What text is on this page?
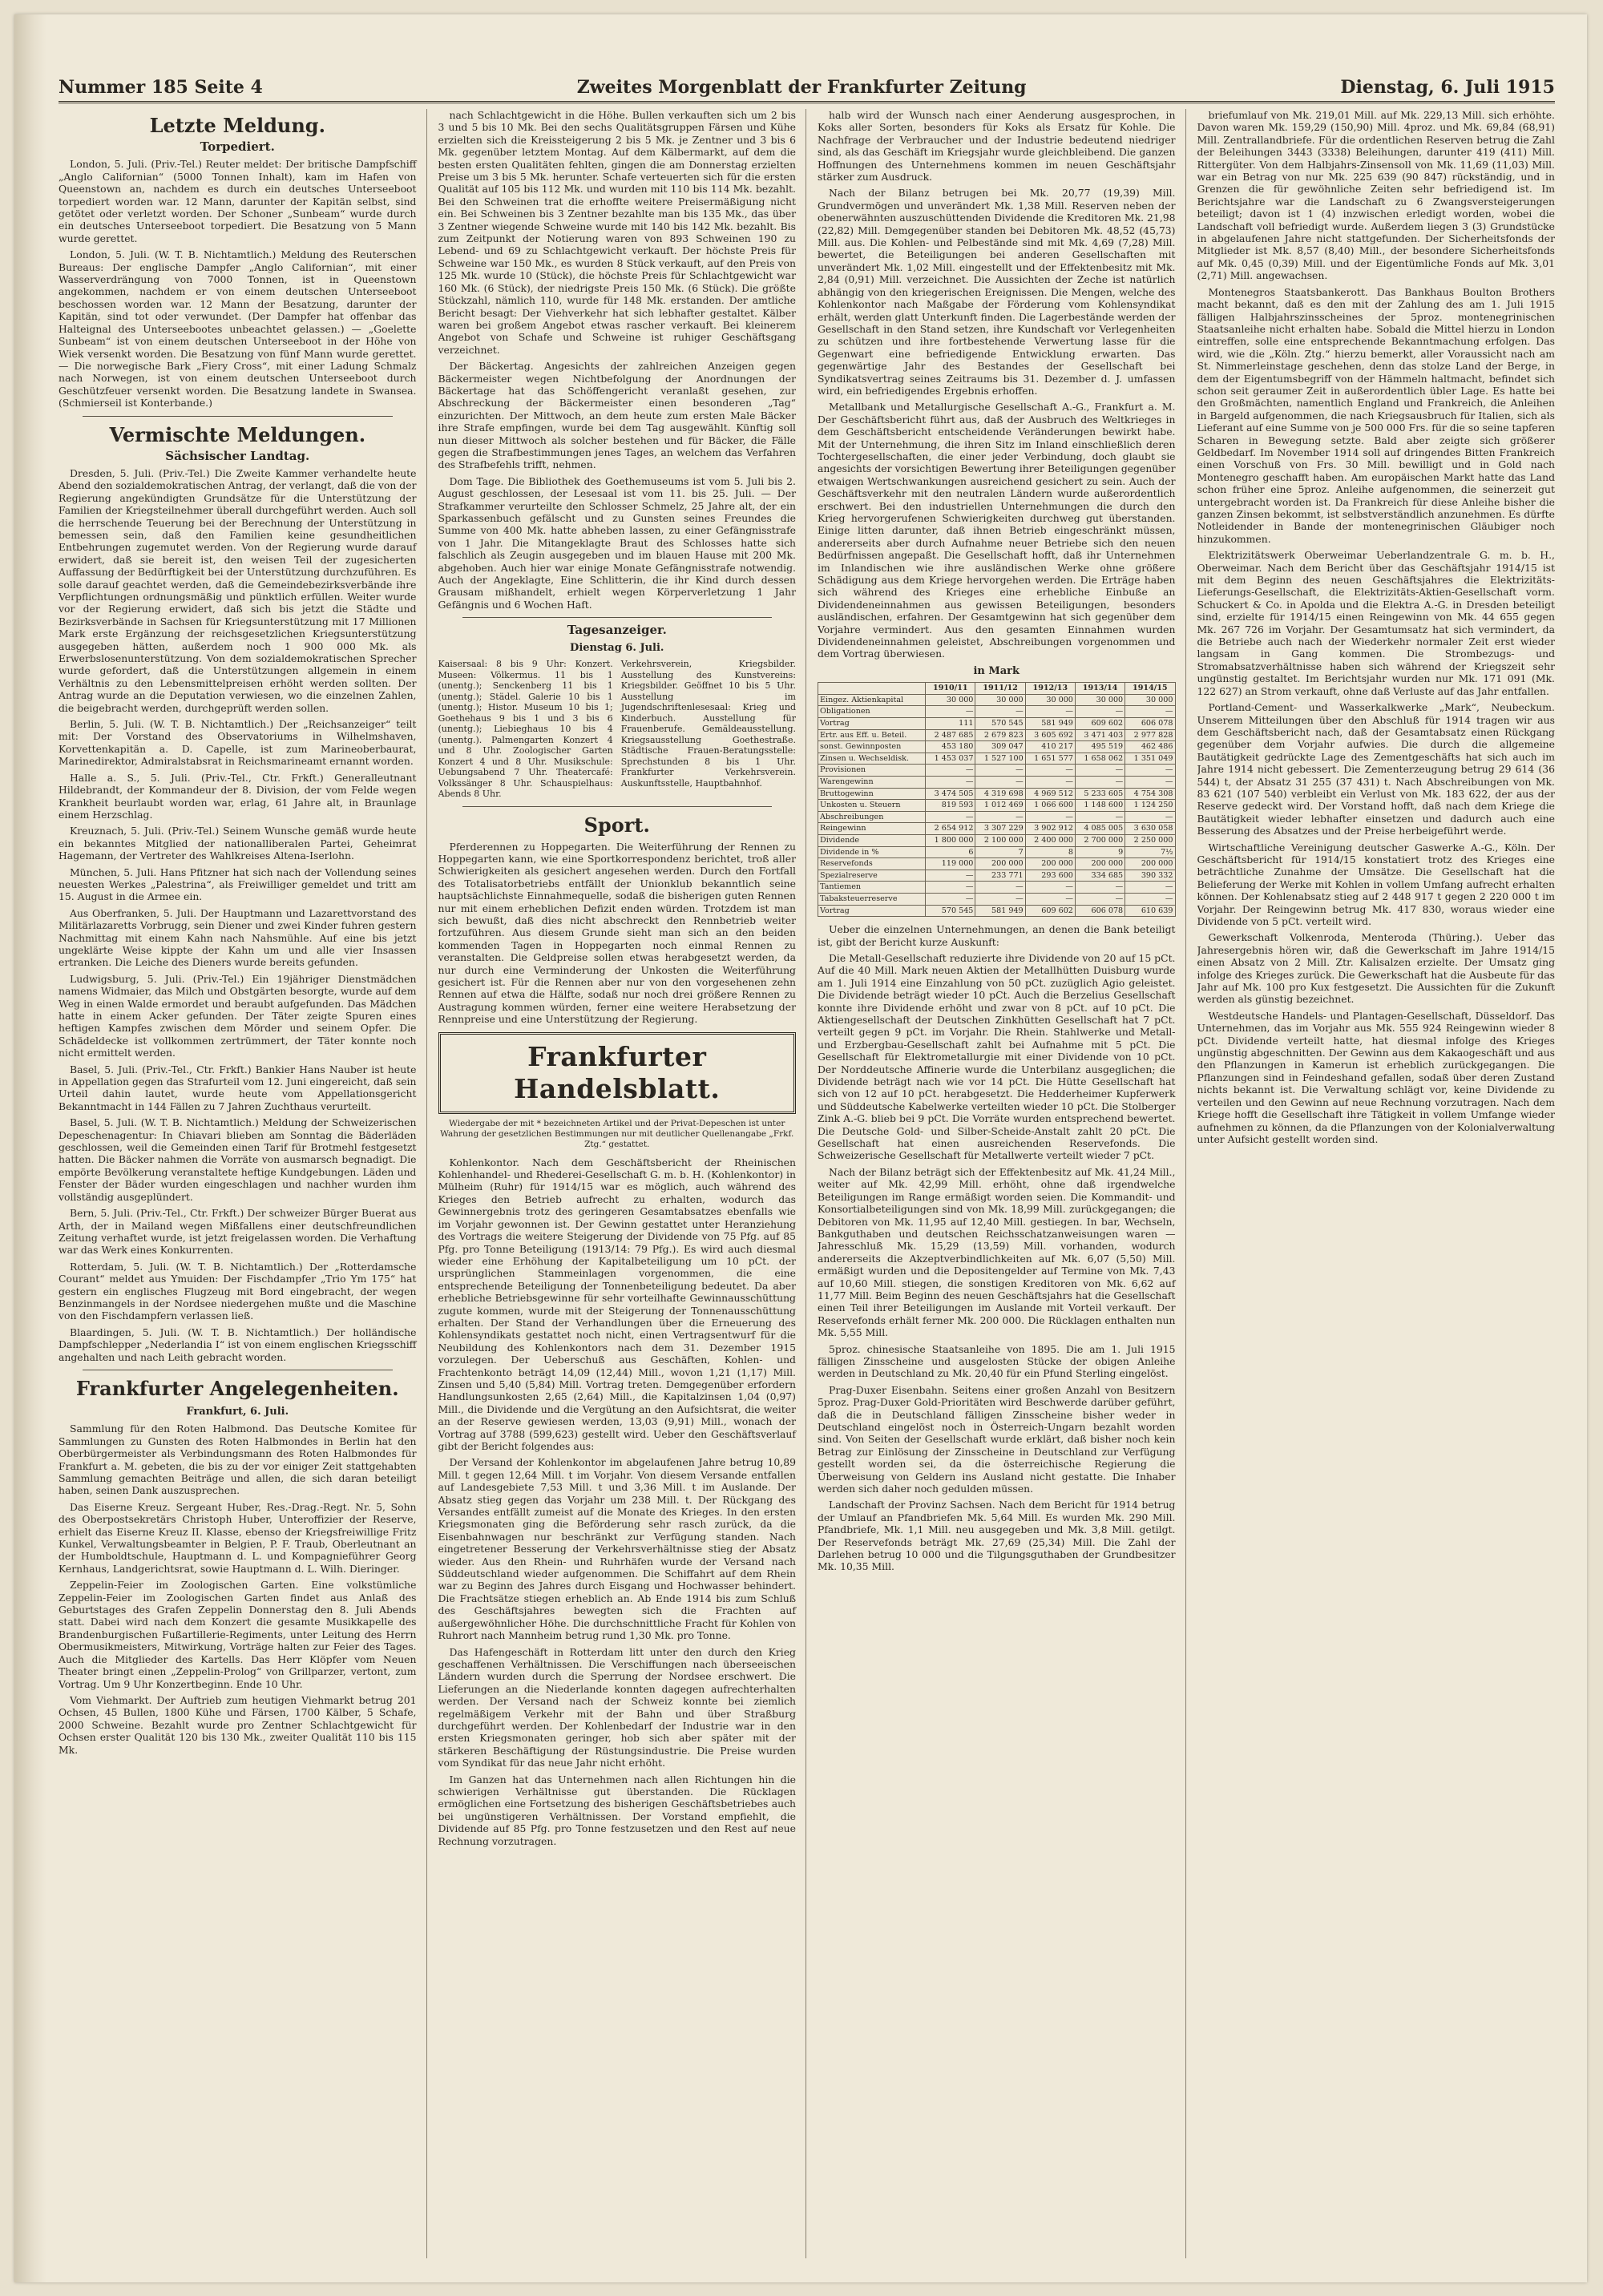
Nummer 185 Seite 4	Zweites Morgenblatt der Frankfurter Zeitung	Dienstag, 6. Juli 1915
Letzte Meldung.
Torpediert.

London, 5. Juli. (Priv.-Tel.) Reuter meldet: Der britische Dampfschiff „Anglo Californian“ (5000 Tonnen Inhalt), kam im Hafen von Queenstown an, nachdem es durch ein deutsches Unterseeboot torpediert worden war. 12 Mann, darunter der Kapitän selbst, sind getötet oder verletzt worden. Der Schoner „Sunbeam“ wurde durch ein deutsches Unterseeboot torpediert. Die Besatzung von 5 Mann wurde gerettet.

London, 5. Juli. (W. T. B. Nichtamtlich.) Meldung des Reuterschen Bureaus: Der englische Dampfer „Anglo Californian“, mit einer Wasserverdrängung von 7000 Tonnen, ist in Queenstown angekommen, nachdem er von einem deutschen Unterseeboot beschossen worden war. 12 Mann der Besatzung, darunter der Kapitän, sind tot oder verwundet. (Der Dampfer hat offenbar das Halteignal des Unterseebootes unbeachtet gelassen.) — „Goelette Sunbeam“ ist von einem deutschen Unterseeboot in der Höhe von Wiek versenkt worden. Die Besatzung von fünf Mann wurde gerettet. — Die norwegische Bark „Fiery Cross“, mit einer Ladung Schmalz nach Norwegen, ist von einem deutschen Unterseeboot durch Geschützfeuer versenkt worden. Die Besatzung landete in Swansea. (Schmierseil ist Konterbande.)

Vermischte Meldungen.
Sächsischer Landtag.

Dresden, 5. Juli. (Priv.-Tel.) Die Zweite Kammer verhandelte heute Abend den sozialdemokratischen Antrag, der verlangt, daß die von der Regierung angekündigten Grundsätze für die Unterstützung der Familien der Kriegsteilnehmer überall durchgeführt werden. Auch soll die herrschende Teuerung bei der Berechnung der Unterstützung in bemessen sein, daß den Familien keine gesundheitlichen Entbehrungen zugemutet werden. Von der Regierung wurde darauf erwidert, daß sie bereit ist, den weisen Teil der zugesicherten Auffassung der Bedürftigkeit bei der Unterstützung durchzuführen. Es solle darauf geachtet werden, daß die Gemeindebezirksverbände ihre Verpflichtungen ordnungsmäßig und pünktlich erfüllen. Weiter wurde vor der Regierung erwidert, daß sich bis jetzt die Städte und Bezirksverbände in Sachsen für Kriegsunterstützung mit 17 Millionen Mark erste Ergänzung der reichsgesetzlichen Kriegsunterstützung ausgegeben hätten, außerdem noch 1 900 000 Mk. als Erwerbslosenunterstützung. Von dem sozialdemokratischen Sprecher wurde gefordert, daß die Unterstützungen allgemein in einem Verhältnis zu den Lebensmittelpreisen erhöht werden sollten. Der Antrag wurde an die Deputation verwiesen, wo die einzelnen Zahlen, die beigebracht werden, durchgeprüft werden sollen.

Berlin, 5. Juli. (W. T. B. Nichtamtlich.) Der „Reichsanzeiger“ teilt mit: Der Vorstand des Observatoriums in Wilhelmshaven, Korvettenkapitän a. D. Capelle, ist zum Marineoberbaurat, Marinedirektor, Admiralstabsrat in Reichsmarineamt ernannt worden.

Halle a. S., 5. Juli. (Priv.-Tel., Ctr. Frkft.) Generalleutnant Hildebrandt, der Kommandeur der 8. Division, der vom Felde wegen Krankheit beurlaubt worden war, erlag, 61 Jahre alt, in Braunlage einem Herzschlag.

Kreuznach, 5. Juli. (Priv.-Tel.) Seinem Wunsche gemäß wurde heute ein bekanntes Mitglied der nationalliberalen Partei, Geheimrat Hagemann, der Vertreter des Wahlkreises Altena-Iserlohn.

München, 5. Juli. Hans Pfitzner hat sich nach der Vollendung seines neuesten Werkes „Palestrina“, als Freiwilliger gemeldet und tritt am 15. August in die Armee ein.

Aus Oberfranken, 5. Juli. Der Hauptmann und Lazarettvorstand des Militärlazaretts Vorbrugg, sein Diener und zwei Kinder fuhren gestern Nachmittag mit einem Kahn nach Nahsmühle. Auf eine bis jetzt ungeklärte Weise kippte der Kahn um und alle vier Insassen ertranken. Die Leiche des Dieners wurde bereits gefunden.

Ludwigsburg, 5. Juli. (Priv.-Tel.) Ein 19jähriger Dienstmädchen namens Widmaier, das Milch und Obstgärten besorgte, wurde auf dem Weg in einen Walde ermordet und beraubt aufgefunden. Das Mädchen hatte in einem Acker gefunden. Der Täter zeigte Spuren eines heftigen Kampfes zwischen dem Mörder und seinem Opfer. Die Schädeldecke ist vollkommen zertrümmert, der Täter konnte noch nicht ermittelt werden.

Basel, 5. Juli. (Priv.-Tel., Ctr. Frkft.) Bankier Hans Nauber ist heute in Appellation gegen das Strafurteil vom 12. Juni eingereicht, daß sein Urteil dahin lautet, wurde heute vom Appellationsgericht Bekanntmacht in 144 Fällen zu 7 Jahren Zuchthaus verurteilt.

Basel, 5. Juli. (W. T. B. Nichtamtlich.) Meldung der Schweizerischen Depeschenagentur: In Chiavari blieben am Sonntag die Bäderläden geschlossen, weil die Gemeinden einen Tarif für Brotmehl festgesetzt hatten. Die Bäcker nahmen die Vorräte von ausmarsch begnadigt. Die empörte Bevölkerung veranstaltete heftige Kundgebungen. Läden und Fenster der Bäder wurden eingeschlagen und nachher wurden ihm vollständig ausgeplündert.

Bern, 5. Juli. (Priv.-Tel., Ctr. Frkft.) Der schweizer Bürger Buerat aus Arth, der in Mailand wegen Mißfallens einer deutschfreundlichen Zeitung verhaftet wurde, ist jetzt freigelassen worden. Die Verhaftung war das Werk eines Konkurrenten.

Rotterdam, 5. Juli. (W. T. B. Nichtamtlich.) Der „Rotterdamsche Courant“ meldet aus Ymuiden: Der Fischdampfer „Trio Ym 175“ hat gestern ein englisches Flugzeug mit Bord eingebracht, der wegen Benzinmangels in der Nordsee niedergehen mußte und die Maschine von den Fischdampfern verlassen ließ.

Blaardingen, 5. Juli. (W. T. B. Nichtamtlich.) Der holländische Dampfschlepper „Nederlandia I“ ist von einem englischen Kriegsschiff angehalten und nach Leith gebracht worden.

Frankfurter Angelegenheiten.
Frankfurt, 6. Juli.

Sammlung für den Roten Halbmond. Das Deutsche Komitee für Sammlungen zu Gunsten des Roten Halbmondes in Berlin hat den Oberbürgermeister als Verbindungsmann des Roten Halbmondes für Frankfurt a. M. gebeten, die bis zu der vor einiger Zeit stattgehabten Sammlung gemachten Beiträge und allen, die sich daran beteiligt haben, seinen Dank auszusprechen.

Das Eiserne Kreuz. Sergeant Huber, Res.-Drag.-Regt. Nr. 5, Sohn des Oberpostsekretärs Christoph Huber, Unteroffizier der Reserve, erhielt das Eiserne Kreuz II. Klasse, ebenso der Kriegsfreiwillige Fritz Kunkel, Verwaltungsbeamter in Belgien, P. F. Traub, Oberleutnant an der Humboldtschule, Hauptmann d. L. und Kompagnieführer Georg Kernhaus, Landgerichtsrat, sowie Hauptmann d. L. Wilh. Dieringer.

Zeppelin-Feier im Zoologischen Garten. Eine volkstümliche Zeppelin-Feier im Zoologischen Garten findet aus Anlaß des Geburtstages des Grafen Zeppelin Donnerstag den 8. Juli Abends statt. Dabei wird nach dem Konzert die gesamte Musikkapelle des Brandenburgischen Fußartillerie-Regiments, unter Leitung des Herrn Obermusikmeisters, Mitwirkung, Vorträge halten zur Feier des Tages. Auch die Mitglieder des Kartells. Das Herr Klöpfer vom Neuen Theater bringt einen „Zeppelin-Prolog“ von Grillparzer, vertont, zum Vortrag. Um 9 Uhr Konzertbeginn. Ende 10 Uhr.

Vom Viehmarkt. Der Auftrieb zum heutigen Viehmarkt betrug 201 Ochsen, 45 Bullen, 1800 Kühe und Färsen, 1700 Kälber, 5 Schafe, 2000 Schweine. Bezahlt wurde pro Zentner Schlachtgewicht für Ochsen erster Qualität 120 bis 130 Mk., zweiter Qualität 110 bis 115 Mk.

nach Schlachtgewicht in die Höhe. Bullen verkauften sich um 2 bis 3 und 5 bis 10 Mk. Bei den sechs Qualitätsgruppen Färsen und Kühe erzielten sich die Kreissteigerung 2 bis 5 Mk. je Zentner und 3 bis 6 Mk. gegenüber letztem Montag. Auf dem Kälbermarkt, auf dem die besten ersten Qualitäten fehlten, gingen die am Donnerstag erzielten Preise um 3 bis 5 Mk. herunter. Schafe verteuerten sich für die ersten Qualität auf 105 bis 112 Mk. und wurden mit 110 bis 114 Mk. bezahlt. Bei den Schweinen trat die erhoffte weitere Preisermäßigung nicht ein. Bei Schweinen bis 3 Zentner bezahlte man bis 135 Mk., das über 3 Zentner wiegende Schweine wurde mit 140 bis 142 Mk. bezahlt. Bis zum Zeitpunkt der Notierung waren von 893 Schweinen 190 zu Lebend- und 69 zu Schlachtgewicht verkauft. Der höchste Preis für Schweine war 150 Mk., es wurden 8 Stück verkauft, auf den Preis von 125 Mk. wurde 10 (Stück), die höchste Preis für Schlachtgewicht war 160 Mk. (6 Stück), der niedrigste Preis 150 Mk. (6 Stück). Die größte Stückzahl, nämlich 110, wurde für 148 Mk. erstanden. Der amtliche Bericht besagt: Der Viehverkehr hat sich lebhafter gestaltet. Kälber waren bei großem Angebot etwas rascher verkauft. Bei kleinerem Angebot von Schafe und Schweine ist ruhiger Geschäftsgang verzeichnet.

Der Bäckertag. Angesichts der zahlreichen Anzeigen gegen Bäckermeister wegen Nichtbefolgung der Anordnungen der Bäckertage hat das Schöffengericht veranlaßt gesehen, zur Abschreckung der Bäckermeister einen besonderen „Tag“ einzurichten. Der Mittwoch, an dem heute zum ersten Male Bäcker ihre Strafe empfingen, wurde bei dem Tag ausgewählt. Künftig soll nun dieser Mittwoch als solcher bestehen und für Bäcker, die Fälle gegen die Strafbestimmungen jenes Tages, an welchem das Verfahren des Strafbefehls trifft, nehmen.

Dom Tage. Die Bibliothek des Goethemuseums ist vom 5. Juli bis 2. August geschlossen, der Lesesaal ist vom 11. bis 25. Juli. — Der Strafkammer verurteilte den Schlosser Schmelz, 25 Jahre alt, der ein Sparkassenbuch gefälscht und zu Gunsten seines Freundes die Summe von 400 Mk. hatte abheben lassen, zu einer Gefängnisstrafe von 1 Jahr. Die Mitangeklagte Braut des Schlosses hatte sich falschlich als Zeugin ausgegeben und im blauen Hause mit 200 Mk. abgehoben. Auch hier war einige Monate Gefängnisstrafe notwendig. Auch der Angeklagte, Eine Schlitterin, die ihr Kind durch dessen Grausam mißhandelt, erhielt wegen Körperverletzung 1 Jahr Gefängnis und 6 Wochen Haft.

Tagesanzeiger.
Dienstag 6. Juli.
Kaisersaal: 8 bis 9 Uhr: Konzert. Museen: Völkermus. 11 bis 1 (unentg.); Senckenberg 11 bis 1 (unentg.); Städel. Galerie 10 bis 1 (unentg.); Histor. Museum 10 bis 1; Goethehaus 9 bis 1 und 3 bis 6 (unentg.); Liebieghaus 10 bis 4 (unentg.). Palmengarten Konzert 4 und 8 Uhr. Zoologischer Garten Konzert 4 und 8 Uhr. Musikschule: Uebungsabend 7 Uhr. Theatercafé: Volkssänger 8 Uhr. Schauspielhaus: Abends 8 Uhr.
Verkehrsverein, Kriegsbilder. Ausstellung des Kunstvereins: Kriegsbilder. Geöffnet 10 bis 5 Uhr. Ausstellung im Jugendschriftenlesesaal: Krieg und Kinderbuch. Ausstellung für Frauenberufe. Gemäldeausstellung. Kriegsausstellung Goethestraße. Städtische Frauen-Beratungsstelle: Sprechstunden 8 bis 1 Uhr. Frankfurter Verkehrsverein. Auskunftsstelle, Hauptbahnhof.
Sport.

Pferderennen zu Hoppegarten. Die Weiterführung der Rennen zu Hoppegarten kann, wie eine Sportkorrespondenz berichtet, troß aller Schwierigkeiten als gesichert angesehen werden. Durch den Fortfall des Totalisatorbetriebs entfällt der Unionklub bekanntlich seine hauptsächlichste Einnahmequelle, sodaß die bisherigen guten Rennen nur mit einem erheblichen Defizit enden würden. Trotzdem ist man sich bewußt, daß dies nicht abschreckt den Rennbetrieb weiter fortzuführen. Aus diesem Grunde sieht man sich an den beiden kommenden Tagen in Hoppegarten noch einmal Rennen zu veranstalten. Die Geldpreise sollen etwas herabgesetzt werden, da nur durch eine Verminderung der Unkosten die Weiterführung gesichert ist. Für die Rennen aber nur von den vorgesehenen zehn Rennen auf etwa die Hälfte, sodaß nur noch drei größere Rennen zu Austragung kommen würden, ferner eine weitere Herabsetzung der Rennpreise und eine Unterstützung der Regierung.

Frankfurter Handelsblatt.
Wiedergabe der mit * bezeichneten Artikel und der Privat-Depeschen ist unter Wahrung der gesetzlichen Bestimmungen nur mit deutlicher Quellenangabe „Frkf. Ztg.“ gestattet.

Kohlenkontor. Nach dem Geschäftsbericht der Rheinischen Kohlenhandel- und Rhederei-Gesellschaft G. m. b. H. (Kohlenkontor) in Mülheim (Ruhr) für 1914/15 war es möglich, auch während des Krieges den Betrieb aufrecht zu erhalten, wodurch das Gewinnergebnis trotz des geringeren Gesamtabsatzes ebenfalls wie im Vorjahr gewonnen ist. Der Gewinn gestattet unter Heranziehung des Vortrags die weitere Steigerung der Dividende von 75 Pfg. auf 85 Pfg. pro Tonne Beteiligung (1913/14: 79 Pfg.). Es wird auch diesmal wieder eine Erhöhung der Kapitalbeteiligung um 10 pCt. der ursprünglichen Stammeinlagen vorgenommen, die eine entsprechende Beteiligung der Tonnenbeteiligung bedeutet. Da aber erhebliche Betriebsgewinne für sehr vorteilhafte Gewinnausschüttung zugute kommen, wurde mit der Steigerung der Tonnenausschüttung erhalten. Der Stand der Verhandlungen über die Erneuerung des Kohlensyndikats gestattet noch nicht, einen Vertragsentwurf für die Neubildung des Kohlenkontors nach dem 31. Dezember 1915 vorzulegen. Der Ueberschuß aus Geschäften, Kohlen- und Frachtenkonto beträgt 14,09 (12,44) Mill., wovon 1,21 (1,17) Mill. Zinsen und 5,40 (5,84) Mill. Vortrag treten. Demgegenüber erfordern Handlungsunkosten 2,65 (2,64) Mill., die Kapitalzinsen 1,04 (0,97) Mill., die Dividende und die Vergütung an den Aufsichtsrat, die weiter an der Reserve gewiesen werden, 13,03 (9,91) Mill., wonach der Vortrag auf 3788 (599,623) gestellt wird. Ueber den Geschäftsverlauf gibt der Bericht folgendes aus:

Der Versand der Kohlenkontor im abgelaufenen Jahre betrug 10,89 Mill. t gegen 12,64 Mill. t im Vorjahr. Von diesem Versande entfallen auf Landesgebiete 7,53 Mill. t und 3,36 Mill. t im Auslande. Der Absatz stieg gegen das Vorjahr um 238 Mill. t. Der Rückgang des Versandes entfällt zumeist auf die Monate des Krieges. In den ersten Kriegsmonaten ging die Beförderung sehr rasch zurück, da die Eisenbahnwagen nur beschränkt zur Verfügung standen. Nach eingetretener Besserung der Verkehrsverhältnisse stieg der Absatz wieder. Aus den Rhein- und Ruhrhäfen wurde der Versand nach Süddeutschland wieder aufgenommen. Die Schiffahrt auf dem Rhein war zu Beginn des Jahres durch Eisgang und Hochwasser behindert. Die Frachtsätze stiegen erheblich an. Ab Ende 1914 bis zum Schluß des Geschäftsjahres bewegten sich die Frachten auf außergewöhnlicher Höhe. Die durchschnittliche Fracht für Kohlen von Ruhrort nach Mannheim betrug rund 1,30 Mk. pro Tonne.

Das Hafengeschäft in Rotterdam litt unter den durch den Krieg geschaffenen Verhältnissen. Die Verschiffungen nach überseeischen Ländern wurden durch die Sperrung der Nordsee erschwert. Die Lieferungen an die Niederlande konnten dagegen aufrechterhalten werden. Der Versand nach der Schweiz konnte bei ziemlich regelmäßigem Verkehr mit der Bahn und über Straßburg durchgeführt werden. Der Kohlenbedarf der Industrie war in den ersten Kriegsmonaten geringer, hob sich aber später mit der stärkeren Beschäftigung der Rüstungsindustrie. Die Preise wurden vom Syndikat für das neue Jahr nicht erhöht.

Im Ganzen hat das Unternehmen nach allen Richtungen hin die schwierigen Verhältnisse gut überstanden. Die Rücklagen ermöglichen eine Fortsetzung des bisherigen Geschäftsbetriebes auch bei ungünstigeren Verhältnissen. Der Vorstand empfiehlt, die Dividende auf 85 Pfg. pro Tonne festzusetzen und den Rest auf neue Rechnung vorzutragen.

halb wird der Wunsch nach einer Aenderung ausgesprochen, in Koks aller Sorten, besonders für Koks als Ersatz für Kohle. Die Nachfrage der Verbraucher und der Industrie bedeutend niedriger sind, als das Geschäft im Kriegsjahr wurde gleichbleibend. Die ganzen Hoffnungen des Unternehmens kommen im neuen Geschäftsjahr stärker zum Ausdruck.

Nach der Bilanz betrugen bei Mk. 20,77 (19,39) Mill. Grundvermögen und unverändert Mk. 1,38 Mill. Reserven neben der obenerwähnten auszuschüttenden Dividende die Kreditoren Mk. 21,98 (22,82) Mill. Demgegenüber standen bei Debitoren Mk. 48,52 (45,73) Mill. aus. Die Kohlen- und Pelbestände sind mit Mk. 4,69 (7,28) Mill. bewertet, die Beteiligungen bei anderen Gesellschaften mit unverändert Mk. 1,02 Mill. eingestellt und der Effektenbesitz mit Mk. 2,84 (0,91) Mill. verzeichnet. Die Aussichten der Zeche ist natürlich abhängig von den kriegerischen Ereignissen. Die Mengen, welche des Kohlenkontor nach Maßgabe der Förderung vom Kohlensyndikat erhält, werden glatt Unterkunft finden. Die Lagerbestände werden der Gesellschaft in den Stand setzen, ihre Kundschaft vor Verlegenheiten zu schützen und ihre fortbestehende Verwertung lasse für die Gegenwart eine befriedigende Entwicklung erwarten. Das gegenwärtige Jahr des Bestandes der Gesellschaft bei Syndikatsvertrag seines Zeitraums bis 31. Dezember d. J. umfassen wird, ein befriedigendes Ergebnis erhoffen.

Metallbank und Metallurgische Gesellschaft A.-G., Frankfurt a. M. Der Geschäftsbericht führt aus, daß der Ausbruch des Weltkrieges in dem Geschäftsbericht entscheidende Veränderungen bewirkt habe. Mit der Unternehmung, die ihren Sitz im Inland einschließlich deren Tochtergesellschaften, die einer jeder Verbindung, doch glaubt sie angesichts der vorsichtigen Bewertung ihrer Beteiligungen gegenüber etwaigen Wertschwankungen ausreichend gesichert zu sein. Auch der Geschäftsverkehr mit den neutralen Ländern wurde außerordentlich erschwert. Bei den industriellen Unternehmungen die durch den Krieg hervorgerufenen Schwierigkeiten durchweg gut überstanden. Einige litten darunter, daß ihnen Betrieb eingeschränkt müssen, andererseits aber durch Aufnahme neuer Betriebe sich den neuen Bedürfnissen angepaßt. Die Gesellschaft hofft, daß ihr Unternehmen im Inlandischen wie ihre ausländischen Werke ohne größere Schädigung aus dem Kriege hervorgehen werden. Die Erträge haben sich während des Krieges eine erhebliche Einbuße an Dividendeneinnahmen aus gewissen Beteiligungen, besonders ausländischen, erfahren. Der Gesamtgewinn hat sich gegenüber dem Vorjahre vermindert. Aus den gesamten Einnahmen wurden Dividendeneinnahmen geleistet, Abschreibungen vorgenommen und dem Vortrag überwiesen.

in Mark
	1910/11	1911/12	1912/13	1913/14	1914/15
Eingez. Aktienkapital	30 000	30 000	30 000	30 000	30 000
Obligationen	—	—	—	—	—
Vortrag	111	570 545	581 949	609 602	606 078
Ertr. aus Eff. u. Beteil.	2 487 685	2 679 823	3 605 692	3 471 403	2 977 828
sonst. Gewinnposten	453 180	309 047	410 217	495 519	462 486
Zinsen u. Wechseldisk.	1 453 037	1 527 100	1 651 577	1 658 062	1 351 049
Provisionen	—	—	—	—	—
Warengewinn	—	—	—	—	—
Bruttogewinn	3 474 505	4 319 698	4 969 512	5 233 605	4 754 308
Unkosten u. Steuern	819 593	1 012 469	1 066 600	1 148 600	1 124 250
Abschreibungen	—	—	—	—	—
Reingewinn	2 654 912	3 307 229	3 902 912	4 085 005	3 630 058
Dividende	1 800 000	2 100 000	2 400 000	2 700 000	2 250 000
Dividende in %	6	7	8	9	7½
Reservefonds	119 000	200 000	200 000	200 000	200 000
Spezialreserve	—	233 771	293 600	334 685	390 332
Tantiemen	—	—	—	—	—
Tabaksteuerreserve	—	—	—	—	—
Vortrag	570 545	581 949	609 602	606 078	610 639

Ueber die einzelnen Unternehmungen, an denen die Bank beteiligt ist, gibt der Bericht kurze Auskunft:

Die Metall-Gesellschaft reduzierte ihre Dividende von 20 auf 15 pCt. Auf die 40 Mill. Mark neuen Aktien der Metallhütten Duisburg wurde am 1. Juli 1914 eine Einzahlung von 50 pCt. zuzüglich Agio geleistet. Die Dividende beträgt wieder 10 pCt. Auch die Berzelius Gesellschaft konnte ihre Dividende erhöht und zwar von 8 pCt. auf 10 pCt. Die Aktiengesellschaft der Deutschen Zinkhütten Gesellschaft hat 7 pCt. verteilt gegen 9 pCt. im Vorjahr. Die Rhein. Stahlwerke und Metall- und Erzbergbau-Gesellschaft zahlt bei Aufnahme mit 5 pCt. Die Gesellschaft für Elektrometallurgie mit einer Dividende von 10 pCt. Der Norddeutsche Affinerie wurde die Unterbilanz ausgeglichen; die Dividende beträgt nach wie vor 14 pCt. Die Hütte Gesellschaft hat sich von 12 auf 10 pCt. herabgesetzt. Die Hedderheimer Kupferwerk und Süddeutsche Kabelwerke verteilten wieder 10 pCt. Die Stolberger Zink A.-G. blieb bei 9 pCt. Die Vorräte wurden entsprechend bewertet. Die Deutsche Gold- und Silber-Scheide-Anstalt zahlt 20 pCt. Die Gesellschaft hat einen ausreichenden Reservefonds. Die Schweizerische Gesellschaft für Metallwerte verteilt wieder 7 pCt.

Nach der Bilanz beträgt sich der Effektenbesitz auf Mk. 41,24 Mill., weiter auf Mk. 42,99 Mill. erhöht, ohne daß irgendwelche Beteiligungen im Range ermäßigt worden seien. Die Kommandit- und Konsortialbeteiligungen sind von Mk. 18,99 Mill. zurückgegangen; die Debitoren von Mk. 11,95 auf 12,40 Mill. gestiegen. In bar, Wechseln, Bankguthaben und deutschen Reichsschatzanweisungen waren — Jahresschluß Mk. 15,29 (13,59) Mill. vorhanden, wodurch andererseits die Akzeptverbindlichkeiten auf Mk. 6,07 (5,50) Mill. ermäßigt wurden und die Depositengelder auf Termine von Mk. 7,43 auf 10,60 Mill. stiegen, die sonstigen Kreditoren von Mk. 6,62 auf 11,77 Mill. Beim Beginn des neuen Geschäftsjahrs hat die Gesellschaft einen Teil ihrer Beteiligungen im Auslande mit Vorteil verkauft. Der Reservefonds erhält ferner Mk. 200 000. Die Rücklagen enthalten nun Mk. 5,55 Mill.

5proz. chinesische Staatsanleihe von 1895. Die am 1. Juli 1915 fälligen Zinsscheine und ausgelosten Stücke der obigen Anleihe werden in Deutschland zu Mk. 20,40 für ein Pfund Sterling eingelöst.

Prag-Duxer Eisenbahn. Seitens einer großen Anzahl von Besitzern 5proz. Prag-Duxer Gold-Prioritäten wird Beschwerde darüber geführt, daß die in Deutschland fälligen Zinsscheine bisher weder in Deutschland eingelöst noch in Österreich-Ungarn bezahlt worden sind. Von Seiten der Gesellschaft wurde erklärt, daß bisher noch kein Betrag zur Einlösung der Zinsscheine in Deutschland zur Verfügung gestellt worden sei, da die österreichische Regierung die Überweisung von Geldern ins Ausland nicht gestatte. Die Inhaber werden sich daher noch gedulden müssen.

Landschaft der Provinz Sachsen. Nach dem Bericht für 1914 betrug der Umlauf an Pfandbriefen Mk. 5,64 Mill. Es wurden Mk. 290 Mill. Pfandbriefe, Mk. 1,1 Mill. neu ausgegeben und Mk. 3,8 Mill. getilgt. Der Reservefonds beträgt Mk. 27,69 (25,34) Mill. Die Zahl der Darlehen betrug 10 000 und die Tilgungsguthaben der Grundbesitzer Mk. 10,35 Mill.

briefumlauf von Mk. 219,01 Mill. auf Mk. 229,13 Mill. sich erhöhte. Davon waren Mk. 159,29 (150,90) Mill. 4proz. und Mk. 69,84 (68,91) Mill. Zentrallandbriefe. Für die ordentlichen Reserven betrug die Zahl der Beleihungen 3443 (3338) Beleihungen, darunter 419 (411) Mill. Rittergüter. Von dem Halbjahrs-Zinsensoll von Mk. 11,69 (11,03) Mill. war ein Betrag von nur Mk. 225 639 (90 847) rückständig, und in Grenzen die für gewöhnliche Zeiten sehr befriedigend ist. Im Berichtsjahre war die Landschaft zu 6 Zwangsversteigerungen beteiligt; davon ist 1 (4) inzwischen erledigt worden, wobei die Landschaft voll befriedigt wurde. Außerdem liegen 3 (3) Grundstücke in abgelaufenen Jahre nicht stattgefunden. Der Sicherheitsfonds der Mitglieder ist Mk. 8,57 (8,40) Mill., der besondere Sicherheitsfonds auf Mk. 0,45 (0,39) Mill. und der Eigentümliche Fonds auf Mk. 3,01 (2,71) Mill. angewachsen.

Montenegros Staatsbankerott. Das Bankhaus Boulton Brothers macht bekannt, daß es den mit der Zahlung des am 1. Juli 1915 fälligen Halbjahrszinsscheines der 5proz. montenegrinischen Staatsanleihe nicht erhalten habe. Sobald die Mittel hierzu in London eintreffen, solle eine entsprechende Bekanntmachung erfolgen. Das wird, wie die „Köln. Ztg.“ hierzu bemerkt, aller Voraussicht nach am St. Nimmerleinstage geschehen, denn das stolze Land der Berge, in dem der Eigentumsbegriff von der Hämmeln haltmacht, befindet sich schon seit geraumer Zeit in außerordentlich übler Lage. Es hatte bei den Großmächten, namentlich England und Frankreich, die Anleihen in Bargeld aufgenommen, die nach Kriegsausbruch für Italien, sich als Lieferant auf eine Summe von je 500 000 Frs. für die so seine tapferen Scharen in Bewegung setzte. Bald aber zeigte sich größerer Geldbedarf. Im November 1914 soll auf dringendes Bitten Frankreich einen Vorschuß von Frs. 30 Mill. bewilligt und in Gold nach Montenegro geschafft haben. Am europäischen Markt hatte das Land schon früher eine 5proz. Anleihe aufgenommen, die seinerzeit gut untergebracht worden ist. Da Frankreich für diese Anleihe bisher die ganzen Zinsen bekommt, ist selbstverständlich anzunehmen. Es dürfte Notleidender in Bande der montenegrinischen Gläubiger noch hinzukommen.

Elektrizitätswerk Oberweimar Ueberlandzentrale G. m. b. H., Oberweimar. Nach dem Bericht über das Geschäftsjahr 1914/15 ist mit dem Beginn des neuen Geschäftsjahres die Elektrizitäts-Lieferungs-Gesellschaft, die Elektrizitäts-Aktien-Gesellschaft vorm. Schuckert & Co. in Apolda und die Elektra A.-G. in Dresden beteiligt sind, erzielte für 1914/15 einen Reingewinn von Mk. 44 655 gegen Mk. 267 726 im Vorjahr. Der Gesamtumsatz hat sich vermindert, da die Betriebe auch nach der Wiederkehr normaler Zeit erst wieder langsam in Gang kommen. Die Strombezugs- und Stromabsatzverhältnisse haben sich während der Kriegszeit sehr ungünstig gestaltet. Im Berichtsjahr wurden nur Mk. 171 091 (Mk. 122 627) an Strom verkauft, ohne daß Verluste auf das Jahr entfallen.

Portland-Cement- und Wasserkalkwerke „Mark“, Neubeckum. Unserem Mitteilungen über den Abschluß für 1914 tragen wir aus dem Geschäftsbericht nach, daß der Gesamtabsatz einen Rückgang gegenüber dem Vorjahr aufwies. Die durch die allgemeine Bautätigkeit gedrückte Lage des Zementgeschäfts hat sich auch im Jahre 1914 nicht gebessert. Die Zementerzeugung betrug 29 614 (36 544) t, der Absatz 31 255 (37 431) t. Nach Abschreibungen von Mk. 83 621 (107 540) verbleibt ein Verlust von Mk. 183 622, der aus der Reserve gedeckt wird. Der Vorstand hofft, daß nach dem Kriege die Bautätigkeit wieder lebhafter einsetzen und dadurch auch eine Besserung des Absatzes und der Preise herbeigeführt werde.

Wirtschaftliche Vereinigung deutscher Gaswerke A.-G., Köln. Der Geschäftsbericht für 1914/15 konstatiert trotz des Krieges eine beträchtliche Zunahme der Umsätze. Die Gesellschaft hat die Belieferung der Werke mit Kohlen in vollem Umfang aufrecht erhalten können. Der Kohlenabsatz stieg auf 2 448 917 t gegen 2 220 000 t im Vorjahr. Der Reingewinn betrug Mk. 417 830, woraus wieder eine Dividende von 5 pCt. verteilt wird.

Gewerkschaft Volkenroda, Menteroda (Thüring.). Ueber das Jahresergebnis hören wir, daß die Gewerkschaft im Jahre 1914/15 einen Absatz von 2 Mill. Ztr. Kalisalzen erzielte. Der Umsatz ging infolge des Krieges zurück. Die Gewerkschaft hat die Ausbeute für das Jahr auf Mk. 100 pro Kux festgesetzt. Die Aussichten für die Zukunft werden als günstig bezeichnet.

Westdeutsche Handels- und Plantagen-Gesellschaft, Düsseldorf. Das Unternehmen, das im Vorjahr aus Mk. 555 924 Reingewinn wieder 8 pCt. Dividende verteilt hatte, hat diesmal infolge des Krieges ungünstig abgeschnitten. Der Gewinn aus dem Kakaogeschäft und aus den Pflanzungen in Kamerun ist erheblich zurückgegangen. Die Pflanzungen sind in Feindeshand gefallen, sodaß über deren Zustand nichts bekannt ist. Die Verwaltung schlägt vor, keine Dividende zu verteilen und den Gewinn auf neue Rechnung vorzutragen. Nach dem Kriege hofft die Gesellschaft ihre Tätigkeit in vollem Umfange wieder aufnehmen zu können, da die Pflanzungen von der Kolonialverwaltung unter Aufsicht gestellt worden sind.
